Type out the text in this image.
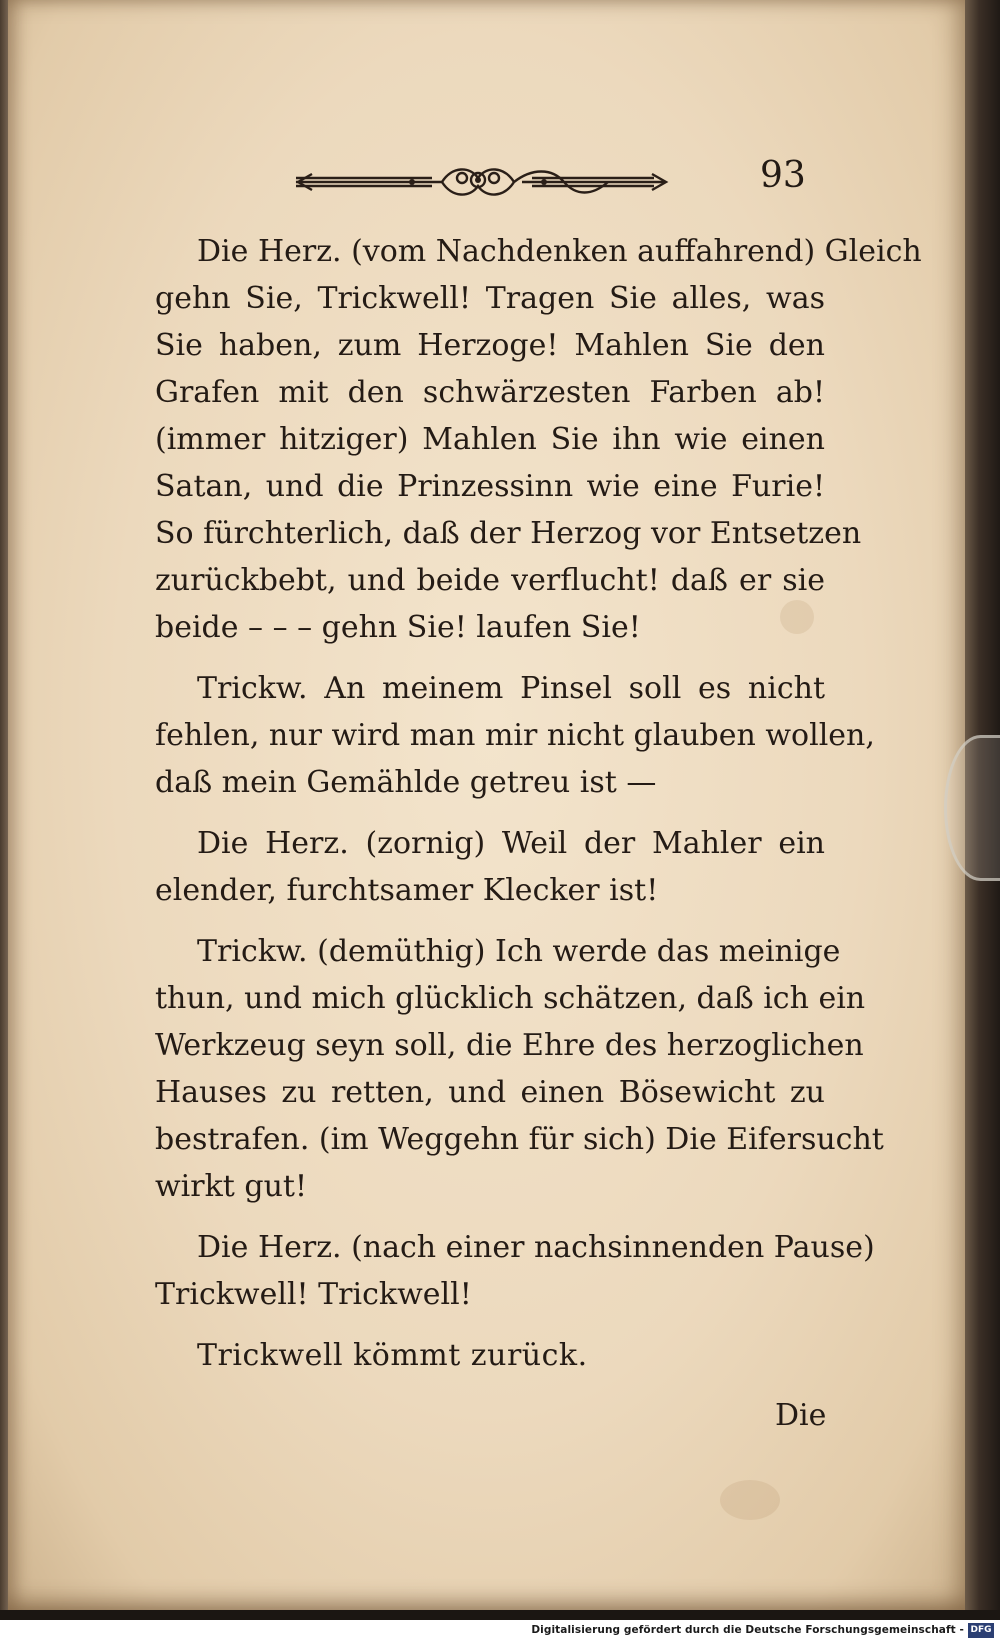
93
Die Herz. (vom Nachdenken auffahrend) Gleich
gehn Sie, Trickwell! Tragen Sie alles, was
Sie haben, zum Herzoge! Mahlen Sie den
Grafen mit den schwärzesten Farben ab!
(immer hitziger) Mahlen Sie ihn wie einen
Satan, und die Prinzessinn wie eine Furie!
So fürchterlich, daß der Herzog vor Entsetzen
zurückbebt, und beide verflucht! daß er sie
beide – – – gehn Sie! laufen Sie!
Trickw. An meinem Pinsel soll es nicht
fehlen, nur wird man mir nicht glauben wollen,
daß mein Gemählde getreu ist —
Die Herz. (zornig) Weil der Mahler ein
elender, furchtsamer Klecker ist!
Trickw. (demüthig) Ich werde das meinige
thun, und mich glücklich schätzen, daß ich ein
Werkzeug seyn soll, die Ehre des herzoglichen
Hauses zu retten, und einen Bösewicht zu
bestrafen. (im Weggehn für sich) Die Eifersucht
wirkt gut!
Die Herz. (nach einer nachsinnenden Pause)
Trickwell! Trickwell!
Trickwell kömmt zurück.
Die
Digitalisierung gefördert durch die Deutsche Forschungsgemeinschaft - DFG
